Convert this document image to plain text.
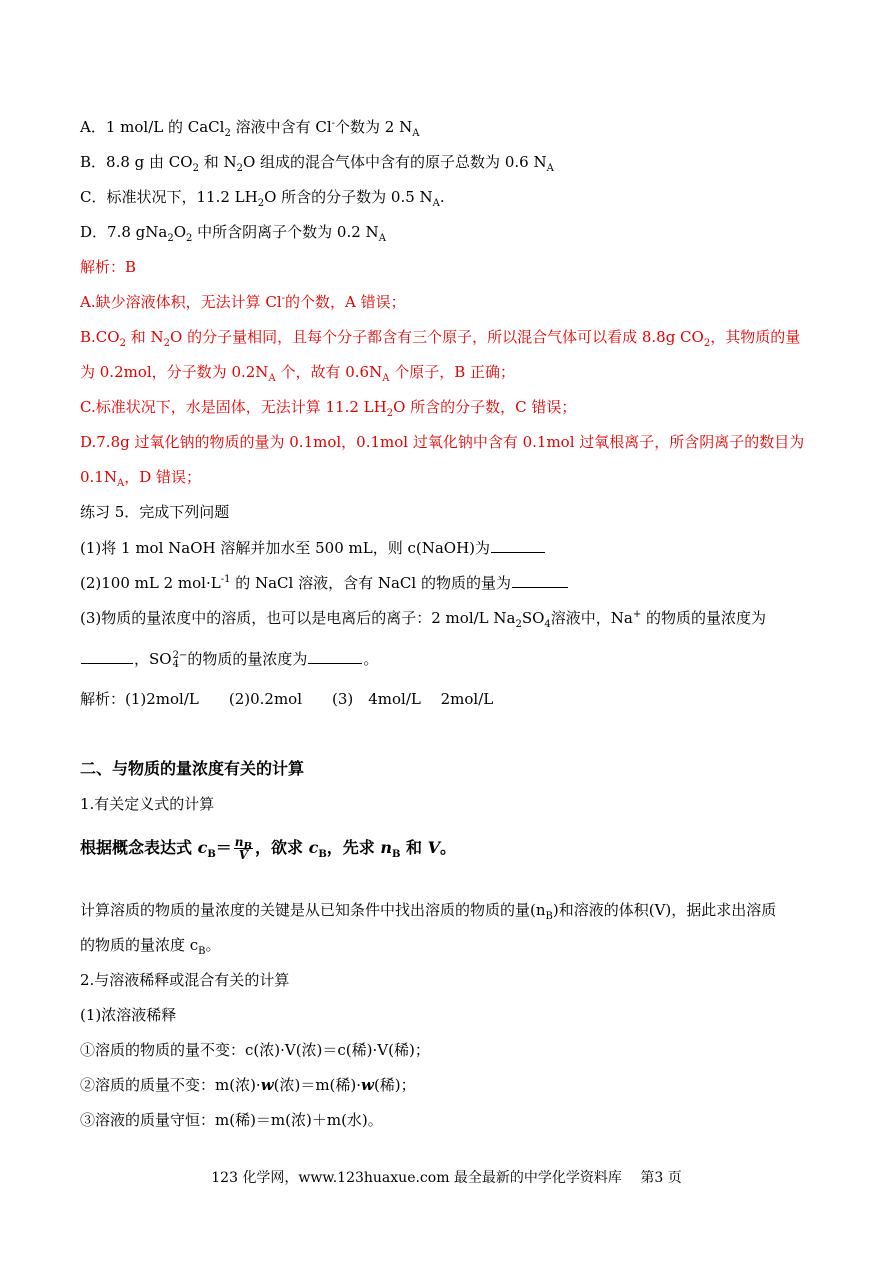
A．1 mol/L 的 CaCl$_2$ 溶液中含有 Cl-个数为 2 $N_A$
B．8.8 g 由 $CO_2$ 和 $N_2O$ 组成的混合气体中含有的原子总数为 0.6 $N_A$
C．标准状况下，11.2 $LH_2O$ 所含的分子数为 0.5 $N_A$.
D．7.8 $gNa_2O_2$ 中所含阴离子个数为 0.2 $N_A$
解析：B
A.缺少溶液体积，无法计算 Cl-的个数，A 错误；
$B.CO_2$ 和 $N_2O$ 的分子量相同，且每个分子都含有三个原子，所以混合气体可以看成 8.8g $CO_2$，其物质的量
为 0.2mol，分子数为 $0.2N_A$ 个，故有 $0.6N_A$ 个原子，B 正确；
C.标准状况下，水是固体，无法计算 11.2 $LH_2O$ 所含的分子数，C 错误；
D.7.8g 过氧化钠的物质的量为 0.1mol，0.1mol 过氧化钠中含有 0.1mol 过氧根离子，所含阴离子的数目为
$0.1N_A$，D 错误；
练习 5．完成下列问题
(1)将 1 mol NaOH 溶解并加水至 500 mL，则 c(NaOH)为
(2)100 mL 2 $mol\cdot L^{-1}$ 的 NaCl 溶液，含有 NaCl 的物质的量为
(3)物质的量浓度中的溶质，也可以是电离后的离子：2 mol/L $Na_2SO_4$溶液中，Na+ 的物质的量浓度为
，SO 2−
4 的物质的量浓度为	。
解析：(1)2mol/L　　(2)0.2mol　　(3)　4mol/L　 2mol/L
二、与物质的量浓度有关的计算
1.有关定义式的计算
根据概念表达式 $c_B= \frac{n_B}{V}$ ，欲求 $c_B$，先求 $n_B$ 和 V。
计算溶质的物质的量浓度的关键是从已知条件中找出溶质的物质的量$(n_B)$和溶液的体积(V)，据此求出溶质
的物质的量浓度 $c_B$。
2.与溶液稀释或混合有关的计算
(1)浓溶液稀释
①溶质的物质的量不变：c(浓)·V(浓)＝c(稀)·V(稀)；
②溶质的质量不变：m(浓)·w(浓)＝m(稀)·w(稀)；
③溶液的质量守恒：m(稀)＝m(浓)＋m(水)。
123 化学网，www.123huaxue.com 最全最新的中学化学资料库　 第3 页
